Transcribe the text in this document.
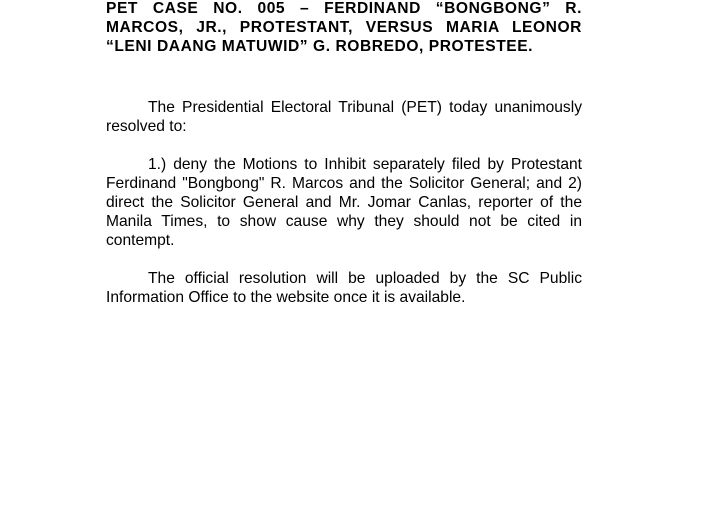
PET CASE NO. 005 – FERDINAND “BONGBONG” R. MARCOS, JR., PROTESTANT, VERSUS MARIA LEONOR “LENI DAANG MATUWID” G. ROBREDO, PROTESTEE.
The Presidential Electoral Tribunal (PET) today unanimously resolved to:
1.) deny the Motions to Inhibit separately filed by Protestant Ferdinand "Bongbong" R. Marcos and the Solicitor General; and 2) direct the Solicitor General and Mr. Jomar Canlas, reporter of the Manila Times, to show cause why they should not be cited in contempt.
The official resolution will be uploaded by the SC Public Information Office to the website once it is available.
